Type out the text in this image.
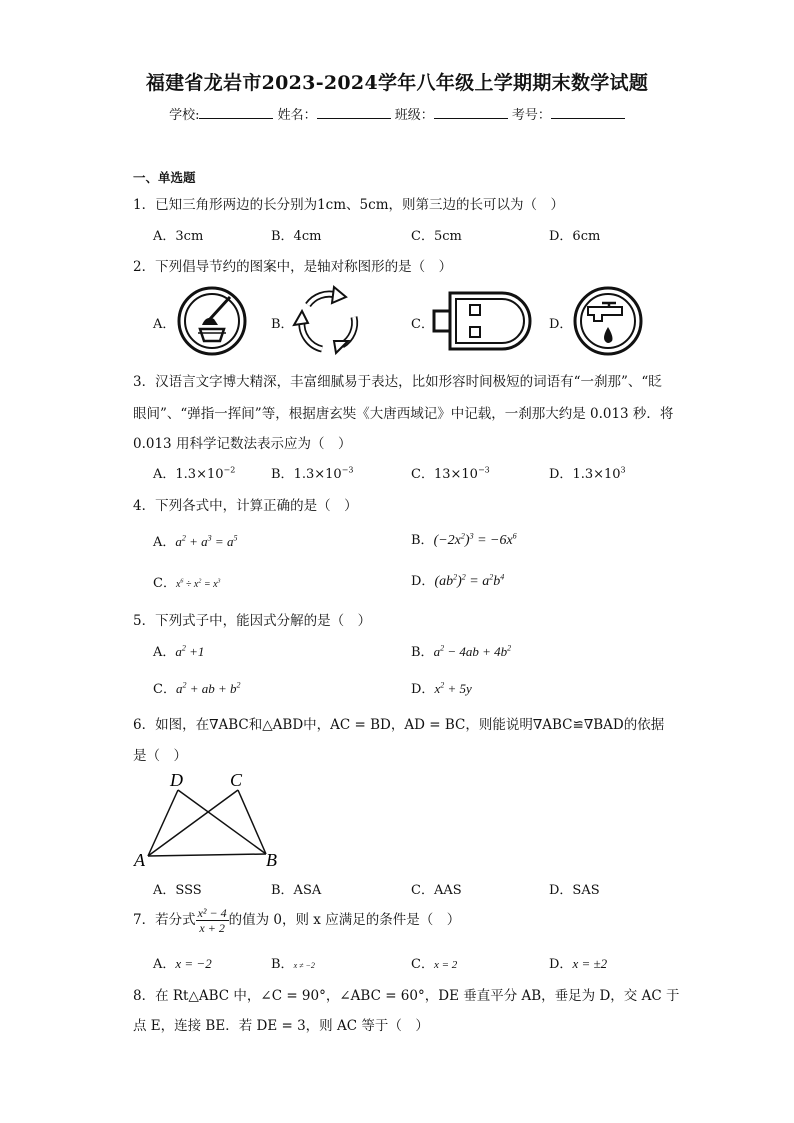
福建省龙岩市2023-2024学年八年级上学期期末数学试题
学校:	姓名：	班级：	考号：
一、单选题
1．已知三角形两边的长分别为1cm、5cm，则第三边的长可以为（　）
A．3cm	B．4cm	C．5cm	D．6cm
2．下列倡导节约的图案中，是轴对称图形的是（　）
A．	B．	C．	D．
3．汉语言文字博大精深，丰富细腻易于表达，比如形容时间极短的词语有“一刹那”、“眨
眼间”、“弹指一挥间”等，根据唐玄奘《大唐西域记》中记载，一刹那大约是 0.013 秒．将
0.013 用科学记数法表示应为（　）
A．$1.3\times 10^{-2}$	B．$1.3\times 10^{-3}$	C．$13\times 10^{-3}$	D．$1.3\times 10^3$
4．下列各式中，计算正确的是（　）
A．$a^2 + a^3 = a^5$	B．$(-2x^2)^3 = -6x^6$
C．$x^6 \div x^2 = x^3$	D．$(ab^2)^2 = a^2b^4$
5．下列式子中，能因式分解的是（　）
A．$a^2 +1$	B．$a^2 - 4ab + 4b^2$
C．$a^2$ + ab + $b^2$	D．$x^2 + 5y$
6．如图，在∇ABC和△ABD中，AC = BD，AD = BC，则能说明∇ABC≌∇BAD的依据
是（　）
D	C
A	B
A．SSS	B．ASA	C．AAS	D．SAS
7．若分式 $\frac{\text{x² − 4}}{x + 2}$ 的值为 0，则 x 应满足的条件是（　）
A．x = −2	B．x ≠ −2	C．x = 2	D．x = ±2
8．在 Rt△ABC 中，∠C = 90°，∠ABC = 60°，DE 垂直平分 AB，垂足为 D，交 AC 于
点 E，连接 BE．若 DE = 3，则 AC 等于（　）
